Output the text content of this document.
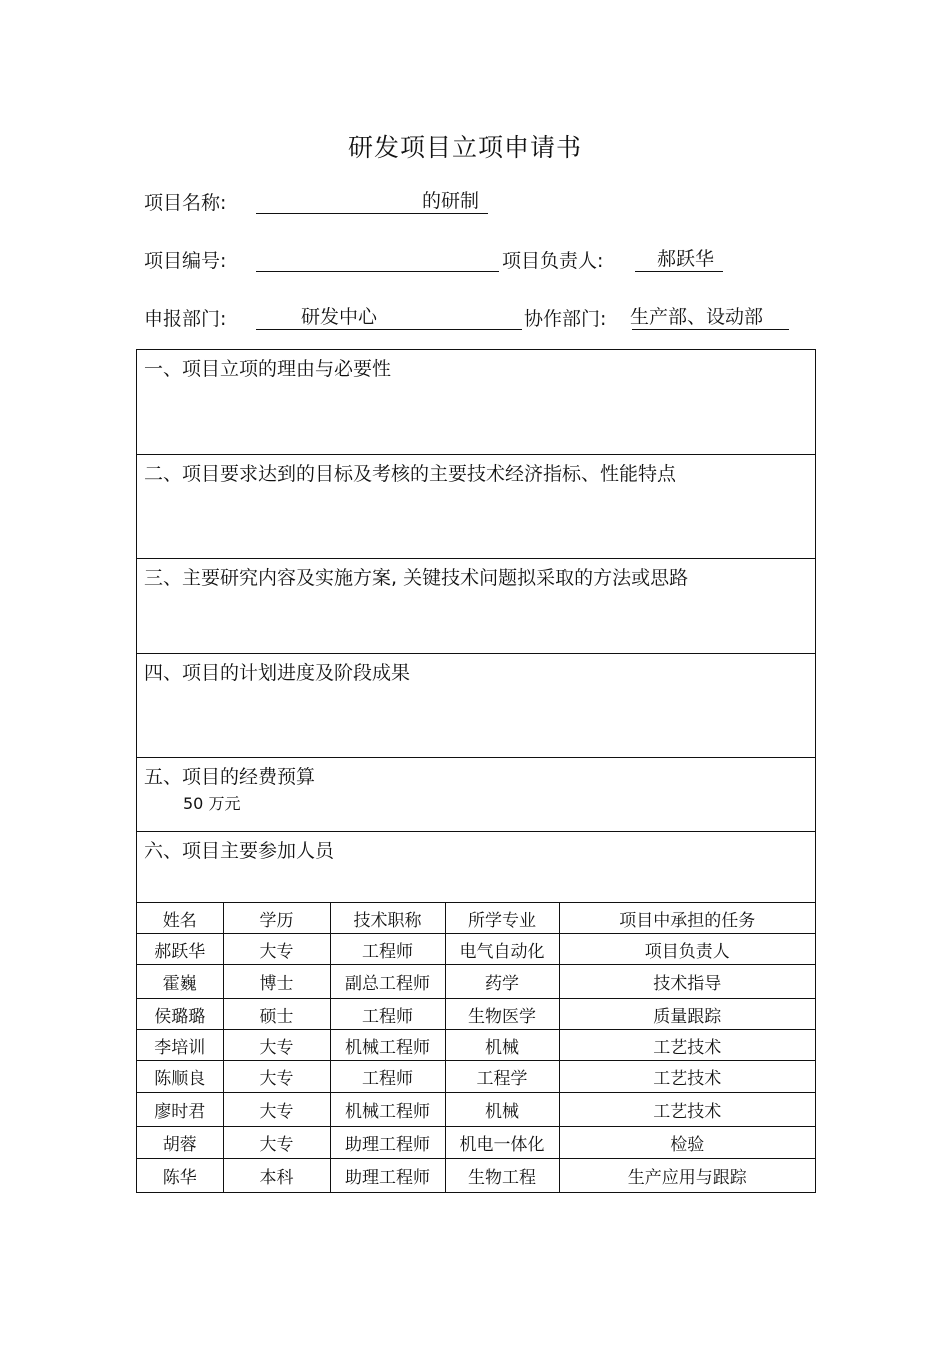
研发项目立项申请书
项目名称:	的研制
项目编号:	项目负责人:	郝跃华
申报部门:	研发中心	协作部门: 生产部、设动部
一、项目立项的理由与必要性
二、项目要求达到的目标及考核的主要技术经济指标、性能特点
三、主要研究内容及实施方案, 关键技术问题拟采取的方法或思路
四、项目的计划进度及阶段成果
五、项目的经费预算
50 万元
六、项目主要参加人员
姓名	学历	技术职称	所学专业	项目中承担的任务
郝跃华	大专	工程师	电气自动化	项目负责人
霍巍	博士	副总工程师	药学	技术指导
侯璐璐	硕士	工程师	生物医学	质量跟踪
李培训	大专	机械工程师	机械	工艺技术
陈顺良	大专	工程师	工程学	工艺技术
廖时君	大专	机械工程师	机械	工艺技术
胡蓉	大专	助理工程师	机电一体化	检验
陈华	本科	助理工程师	生物工程	生产应用与跟踪
